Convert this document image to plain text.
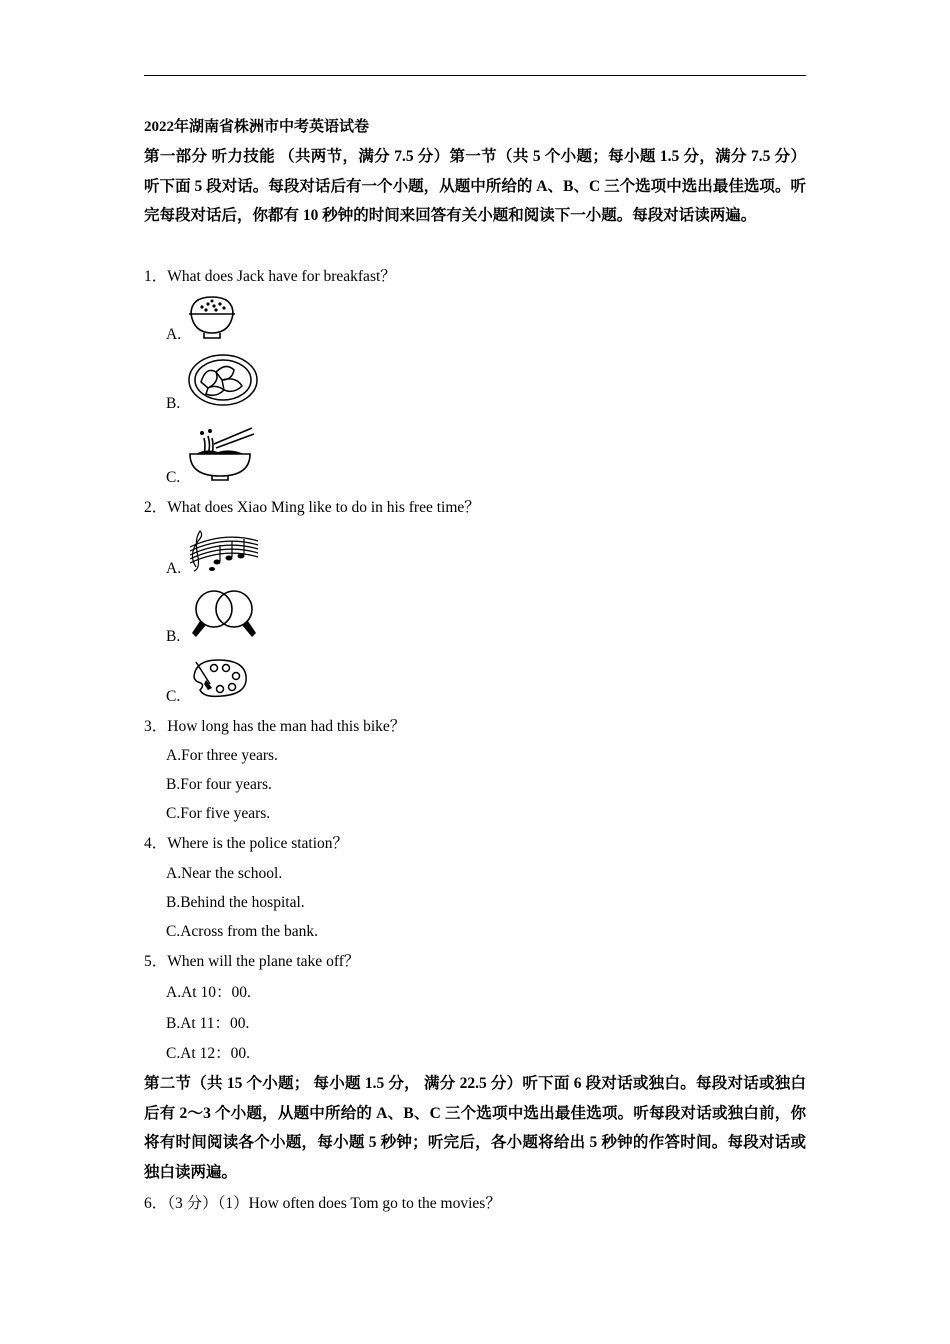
2022年湖南省株洲市中考英语试卷
第一部分 听力技能 （共两节，满分 7.5 分）第一节（共 5 个小题；每小题 1.5 分，满分 7.5 分）听下面 5 段对话。每段对话后有一个小题，从题中所给的 A、B、C 三个选项中选出最佳选项。听完每段对话后，你都有 10 秒钟的时间来回答有关小题和阅读下一小题。每段对话读两遍。
1．What does Jack have for breakfast？
A.
B.
C.
2．What does Xiao Ming like to do in his free time？
A.
B.
C.
3．How long has the man had this bike？
A.For three years.
B.For four years.
C.For five years.
4．Where is the police station？
A.Near the school.
B.Behind the hospital.
C.Across from the bank.
5．When will the plane take off？
A.At 10：00.
B.At 11：00.
C.At 12：00.
第二节（共 15 个小题； 每小题 1.5 分， 满分 22.5 分）听下面 6 段对话或独白。每段对话或独白后有 2～3 个小题，从题中所给的 A、B、C 三个选项中选出最佳选项。听每段对话或独白前，你将有时间阅读各个小题，每小题 5 秒钟；听完后，各小题将给出 5 秒钟的作答时间。每段对话或独白读两遍。
6．（3 分）（1）How often does Tom go to the movies？
